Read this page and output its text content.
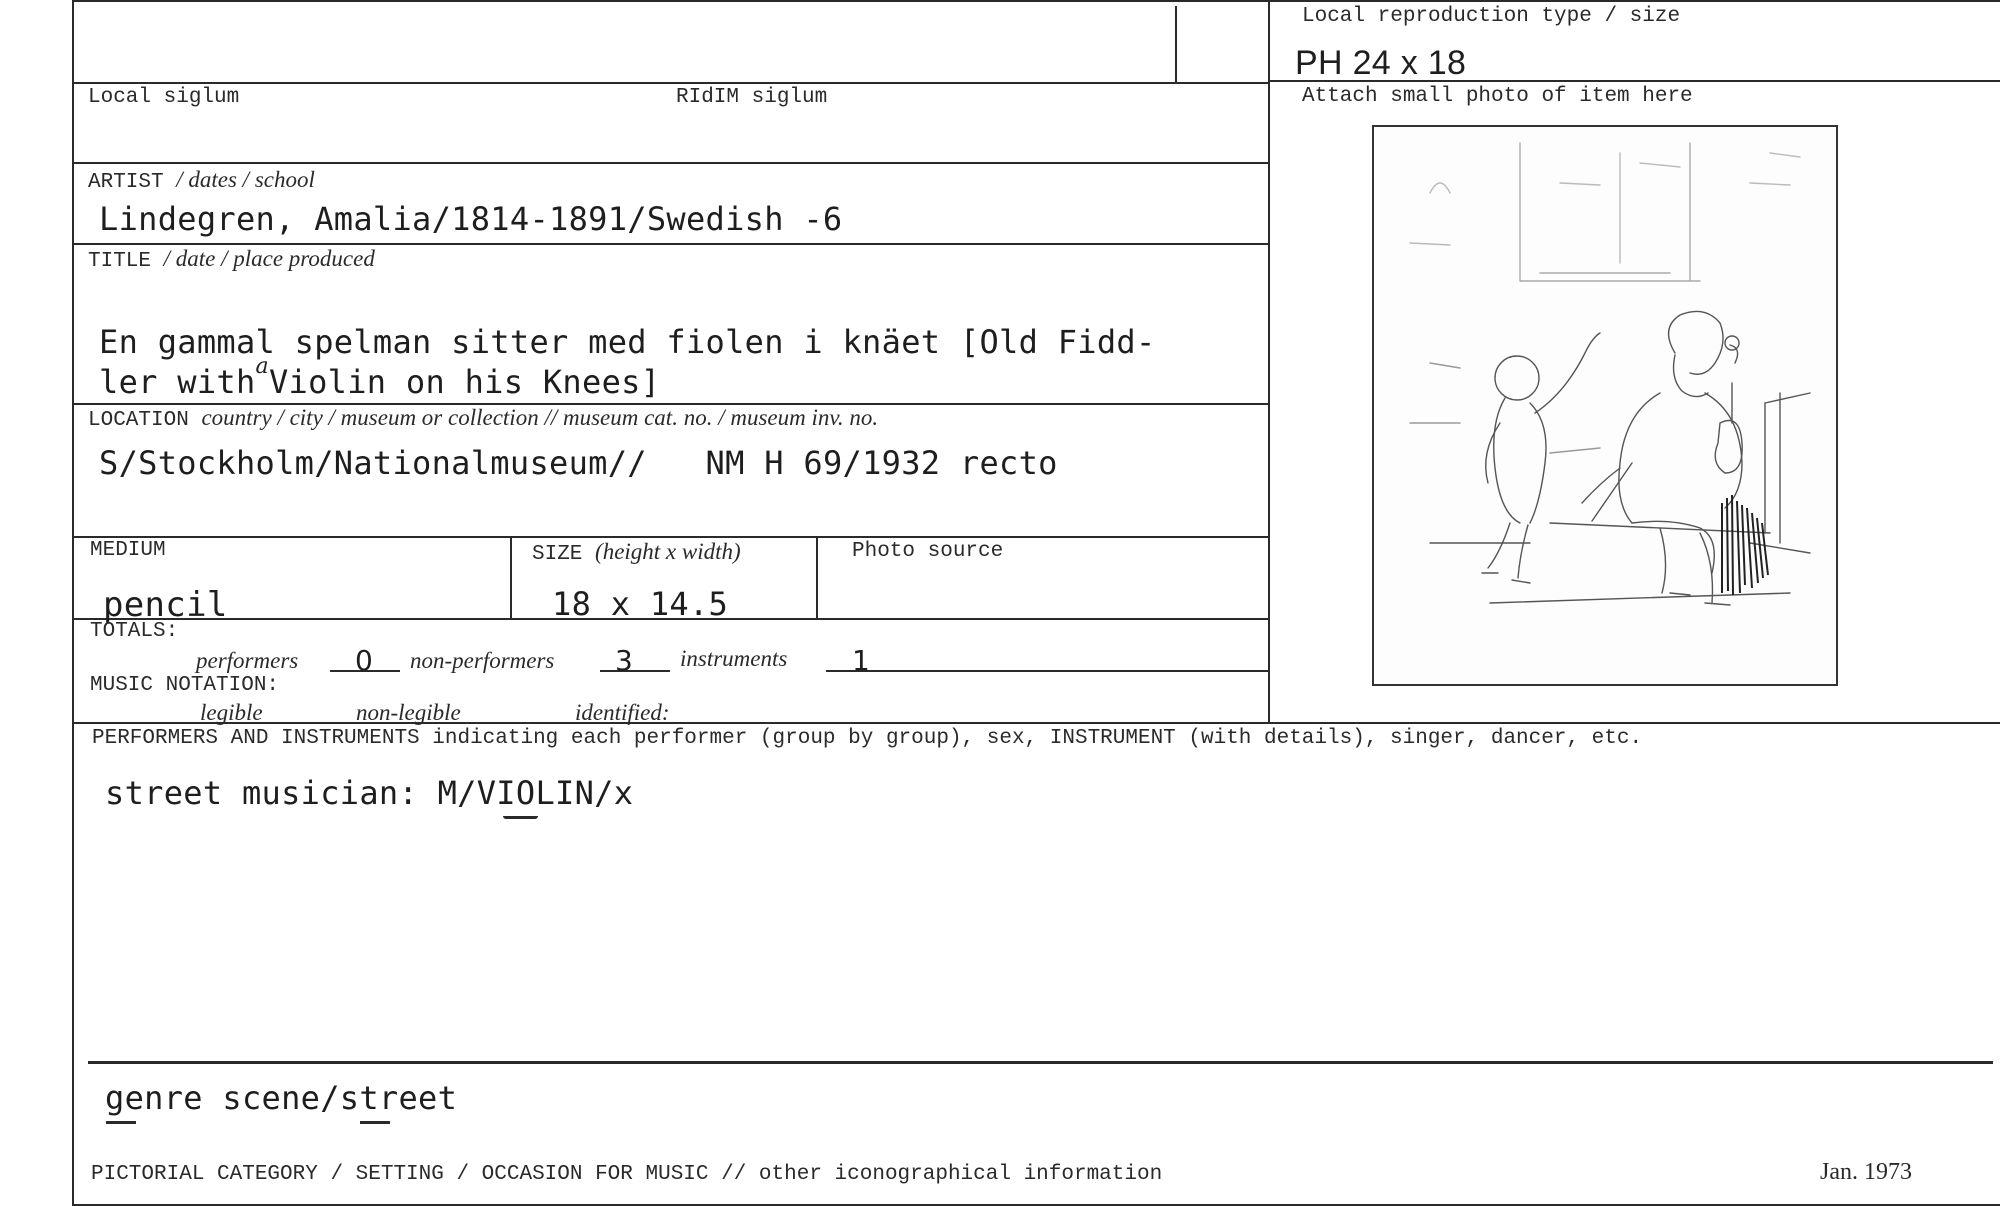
Local reproduction type / size
PH 24 x 18
Local siglum	RIdIM siglum	Attach small photo of item here
ARTIST / dates / school
Lindegren, Amalia/1814-1891/Swedish -6
TITLE / date / place produced
En gammal spelman sitter med fiolen i knäet [Old Fidd-
ler with$^a$Violin on his Knees]
LOCATION country / city / museum or collection // museum cat. no. / museum inv. no.
S/Stockholm/Nationalmuseum// NM H 69/1932 recto
MEDIUM
pencil
SIZE (height x width)
18 x 14.5
Photo source
TOTALS:
performers 0 non-performers 3 instruments 1
MUSIC NOTATION:
legible	non-legible	identified:
PERFORMERS AND INSTRUMENTS indicating each performer (group by group), sex, INSTRUMENT (with details), singer, dancer, etc.
street musician: M/VIOLIN/x
genre scene/street
PICTORIAL CATEGORY / SETTING / OCCASION FOR MUSIC // other iconographical information	Jan. 1973
